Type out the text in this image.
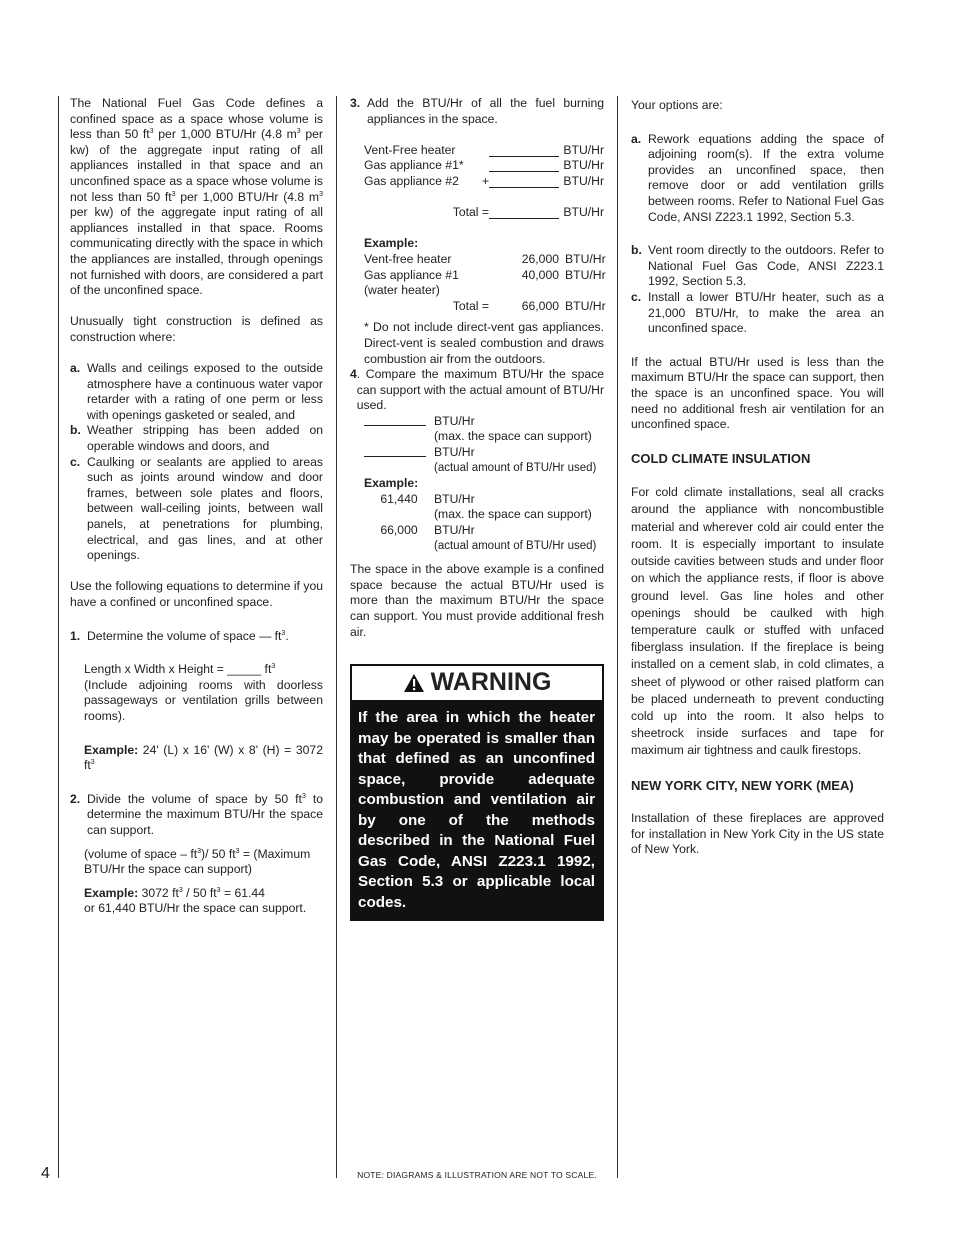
4

The National Fuel Gas Code defines a confined space as a space whose volume is less than 50 $ft^3$ per 1,000 BTU/Hr (4.8 $m^3$ per kw) of the aggregate input rating of all appliances installed in that space and an unconfined space as a space whose volume is not less than 50 $ft^3$ per 1,000 BTU/Hr (4.8 $m^3$ per kw) of the aggregate input rating of all appliances installed in that space. Rooms communicating directly with the space in which the appliances are installed, through openings not furnished with doors, are considered a part of the unconfined space.

Unusually tight construction is defined as construction where:

a. Walls and ceilings exposed to the outside atmosphere have a continuous water vapor retarder with a rating of one perm or less with openings gasketed or sealed, and
b. Weather stripping has been added on operable windows and doors, and
c. Caulking or sealants are applied to areas such as joints around window and door frames, between sole plates and floors, between wall-ceiling joints, between wall panels, at penetrations for plumbing, electrical, and gas lines, and at other openings.

Use the following equations to determine if you have a confined or unconfined space.

1. Determine the volume of space — $ft^3$.
Length x Width x Height = _____ $ft^3$
(Include adjoining rooms with doorless passageways or ventilation grills between rooms).
Example: 24' (L) x 16' (W) x 8' (H) = 3072 $ft^3$
2. Divide the volume of space by 50 $ft^3$ to determine the maximum BTU/Hr the space can support.
(volume of space – $ft^3)/$ 50 $ft^3$ = (Maximum BTU/Hr the space can support)
Example: 3072 $ft^3 / 50$ $ft^3 = 61.44$
or 61,440 BTU/Hr the space can support.
3. Add the BTU/Hr of all the fuel burning appliances in the space.
Vent-Free heater	BTU/Hr
Gas appliance #1*	BTU/Hr
Gas appliance #2	+	BTU/Hr
Total =	BTU/Hr
Example:
Vent-free heater	26,000 BTU/Hr
Gas appliance #1	40,000 BTU/Hr
(water heater)
Total =	66,000 BTU/Hr

* Do not include direct-vent gas appliances. Direct-vent is sealed combustion and draws combustion air from the outdoors.

4 . Compare the maximum BTU/Hr the space can support with the actual amount of BTU/Hr used.
BTU/Hr
(max. the space can support)
BTU/Hr
(actual amount of BTU/Hr used)
Example:
61,440 BTU/Hr
(max. the space can support)
66,000 BTU/Hr
(actual amount of BTU/Hr used)

The space in the above example is a confined space because the actual BTU/Hr used is more than the maximum BTU/Hr the space can support. You must provide additional fresh air.

WARNING
If the area in which the heater may be operated is smaller than that defined as an unconfined space, provide adequate combustion and ventilation air by one of the methods described in the National Fuel Gas Code, ANSI Z223.1 1992, Section 5.3 or applicable local codes.

Your options are:

a. Rework equations adding the space of adjoining room(s). If the extra volume provides an unconfined space, then remove door or add ventilation grills between rooms. Refer to National Fuel Gas Code, ANSI Z223.1 1992, Section 5.3.
b. Vent room directly to the outdoors. Refer to National Fuel Gas Code, ANSI Z223.1 1992, Section 5.3.
c. Install a lower BTU/Hr heater, such as a 21,000 BTU/Hr, to make the area an unconfined space.

If the actual BTU/Hr used is less than the maximum BTU/Hr the space can support, then the space is an unconfined space. You will need no additional fresh air ventilation for an unconfined space.

COLD CLIMATE INSULATION

For cold climate installations, seal all cracks around the appliance with noncombustible material and wherever cold air could enter the room. It is especially important to insulate outside cavities between studs and under floor on which the appliance rests, if floor is above ground level. Gas line holes and other openings should be caulked with high temperature caulk or stuffed with unfaced fiberglass insulation. If the fireplace is being installed on a cement slab, in cold climates, a sheet of plywood or other raised platform can be placed underneath to prevent conducting cold up into the room. It also helps to sheetrock inside surfaces and tape for maximum air tightness and caulk firestops.

NEW YORK CITY, NEW YORK (MEA)

Installation of these fireplaces are approved for installation in New York City in the US state of New York.

NOTE: DIAGRAMS & ILLUSTRATION ARE NOT TO SCALE.
